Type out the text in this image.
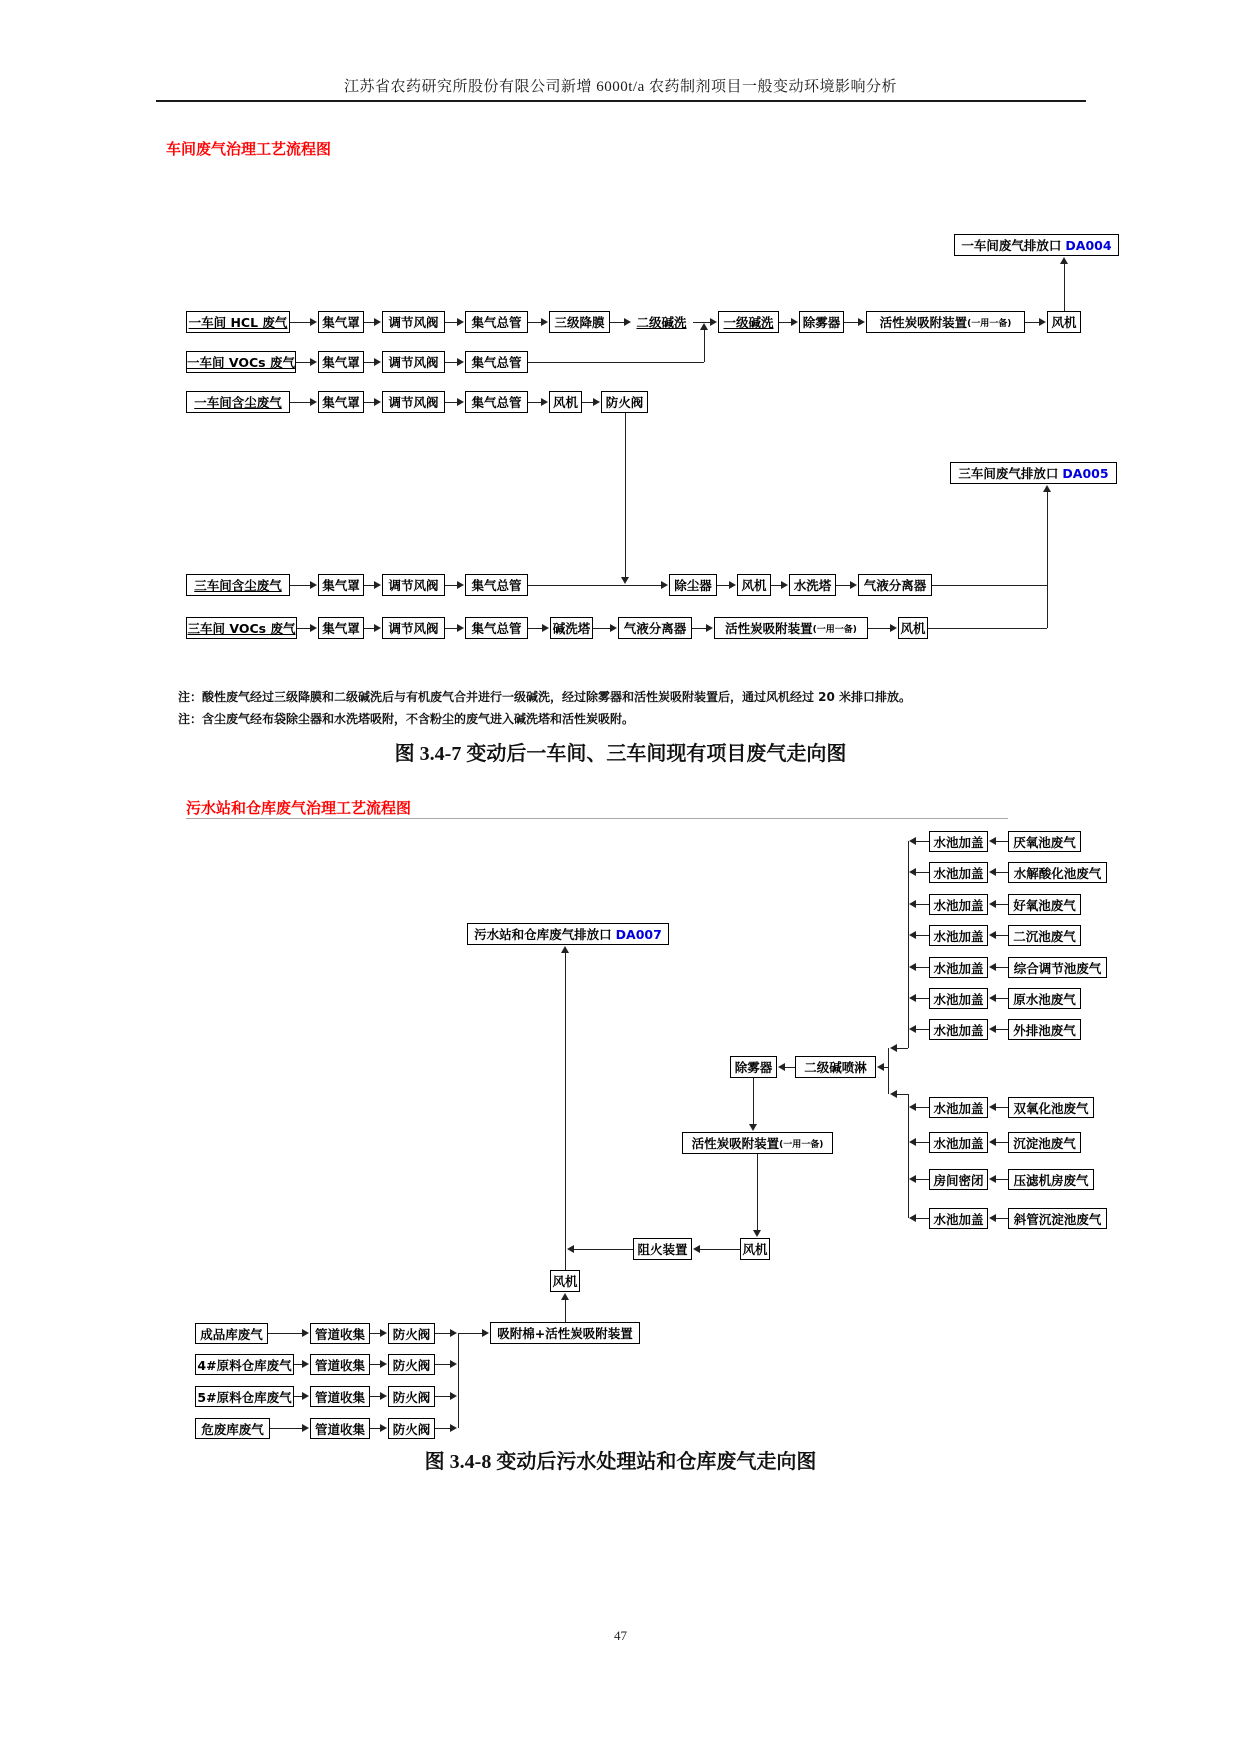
江苏省农药研究所股份有限公司新增 6000t/a 农药制剂项目一般变动环境影响分析
车间废气治理工艺流程图
一车间 HCL 废气	集气罩 调节风阀	集气总管	三级降膜	二级碱洗	一级碱洗 除雾器	活性炭吸附装置 (一用一备)	风机
一车间废气排放口 DA004
一车间 VOCs 废气 集气罩 调节风阀	集气总管
一车间含尘废气	集气罩 调节风阀	集气总管	风机 防火阀
三车间含尘废气	集气罩 调节风阀	集气总管	除尘器 风机 水洗塔	气液分离器
三车间废气排放口 DA005
三车间 VOCs 废气 集气罩 调节风阀	集气总管 碱洗塔	气液分离器	活性炭吸附装置 (一用一备)	风机
注：酸性废气经过三级降膜和二级碱洗后与有机废气合并进行一级碱洗，经过除雾器和活性炭吸附装置后，通过风机经过 20 米排口排放。
注：含尘废气经布袋除尘器和水洗塔吸附，不含粉尘的废气进入碱洗塔和活性炭吸附。
图 3.4-7 变动后一车间、三车间现有项目废气走向图
污水站和仓库废气治理工艺流程图
污水站和仓库废气排放口 DA007
水池加盖 厌氧池废气
水池加盖 水解酸化池废气
水池加盖 好氧池废气
水池加盖 二沉池废气
水池加盖 综合调节池废气
水池加盖 原水池废气
水池加盖 外排池废气
水池加盖 双氧化池废气
水池加盖 沉淀池废气
房间密闭 压滤机房废气
水池加盖 斜管沉淀池废气
二级碱喷淋
除雾器
活性炭吸附装置 (一用一备)
风机
阻火装置
风机
吸附棉+活性炭吸附装置
成品库废气	管道收集 防火阀
4#原料仓库废气 管道收集 防火阀
5#原料仓库废气 管道收集 防火阀
危废库废气	管道收集 防火阀
图 3.4-8 变动后污水处理站和仓库废气走向图
47
